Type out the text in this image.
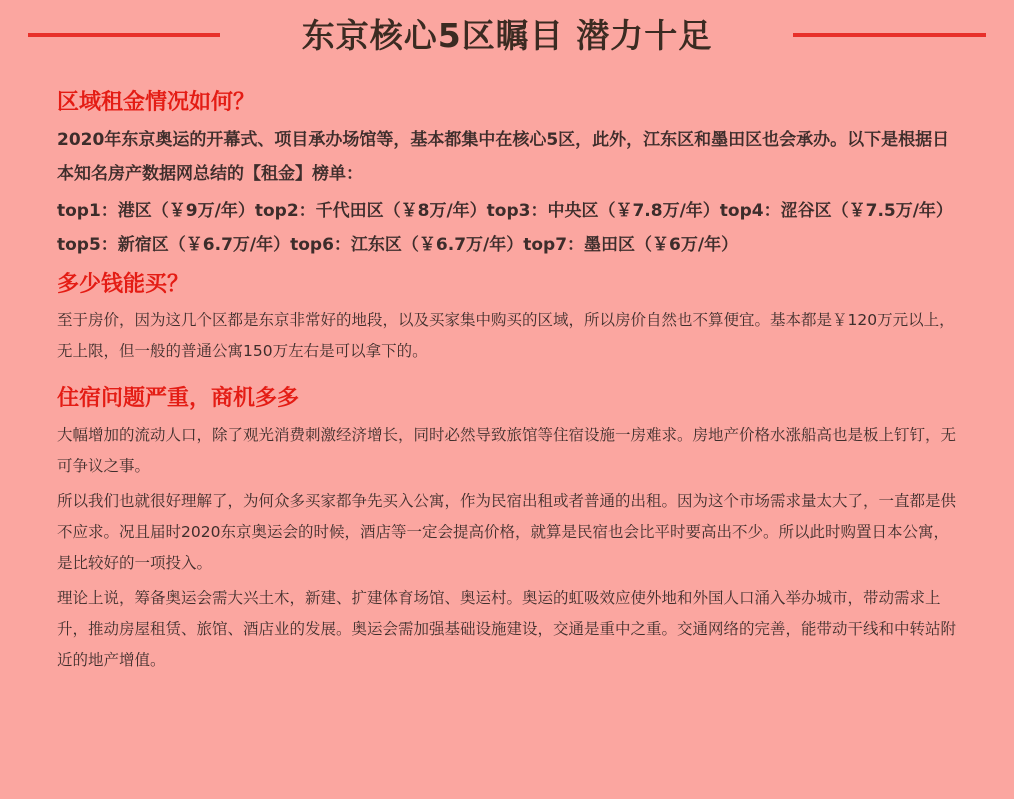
东京核心5区瞩目 潜力十足
区域租金情况如何？

2020年东京奥运的开幕式、项目承办场馆等，基本都集中在核心5区，此外，江东区和墨田区也会承办。以下是根据日本知名房产数据网总结的【租金】榜单：

top1：港区（￥9万/年）top2：千代田区（￥8万/年）top3：中央区（￥7.8万/年）top4：涩谷区（￥7.5万/年）top5：新宿区（￥6.7万/年）top6：江东区（￥6.7万/年）top7：墨田区（￥6万/年）

多少钱能买？

至于房价，因为这几个区都是东京非常好的地段，以及买家集中购买的区域，所以房价自然也不算便宜。基本都是￥120万元以上，无上限，但一般的普通公寓150万左右是可以拿下的。

住宿问题严重，商机多多

大幅增加的流动人口，除了观光消费刺激经济增长，同时必然导致旅馆等住宿设施一房难求。房地产价格水涨船高也是板上钉钉，无可争议之事。

所以我们也就很好理解了，为何众多买家都争先买入公寓，作为民宿出租或者普通的出租。因为这个市场需求量太大了，一直都是供不应求。况且届时2020东京奥运会的时候，酒店等一定会提高价格，就算是民宿也会比平时要高出不少。所以此时购置日本公寓，是比较好的一项投入。

理论上说，筹备奥运会需大兴土木，新建、扩建体育场馆、奥运村。奥运的虹吸效应使外地和外国人口涌入举办城市，带动需求上升，推动房屋租赁、旅馆、酒店业的发展。奥运会需加强基础设施建设，交通是重中之重。交通网络的完善，能带动干线和中转站附近的地产增值。
